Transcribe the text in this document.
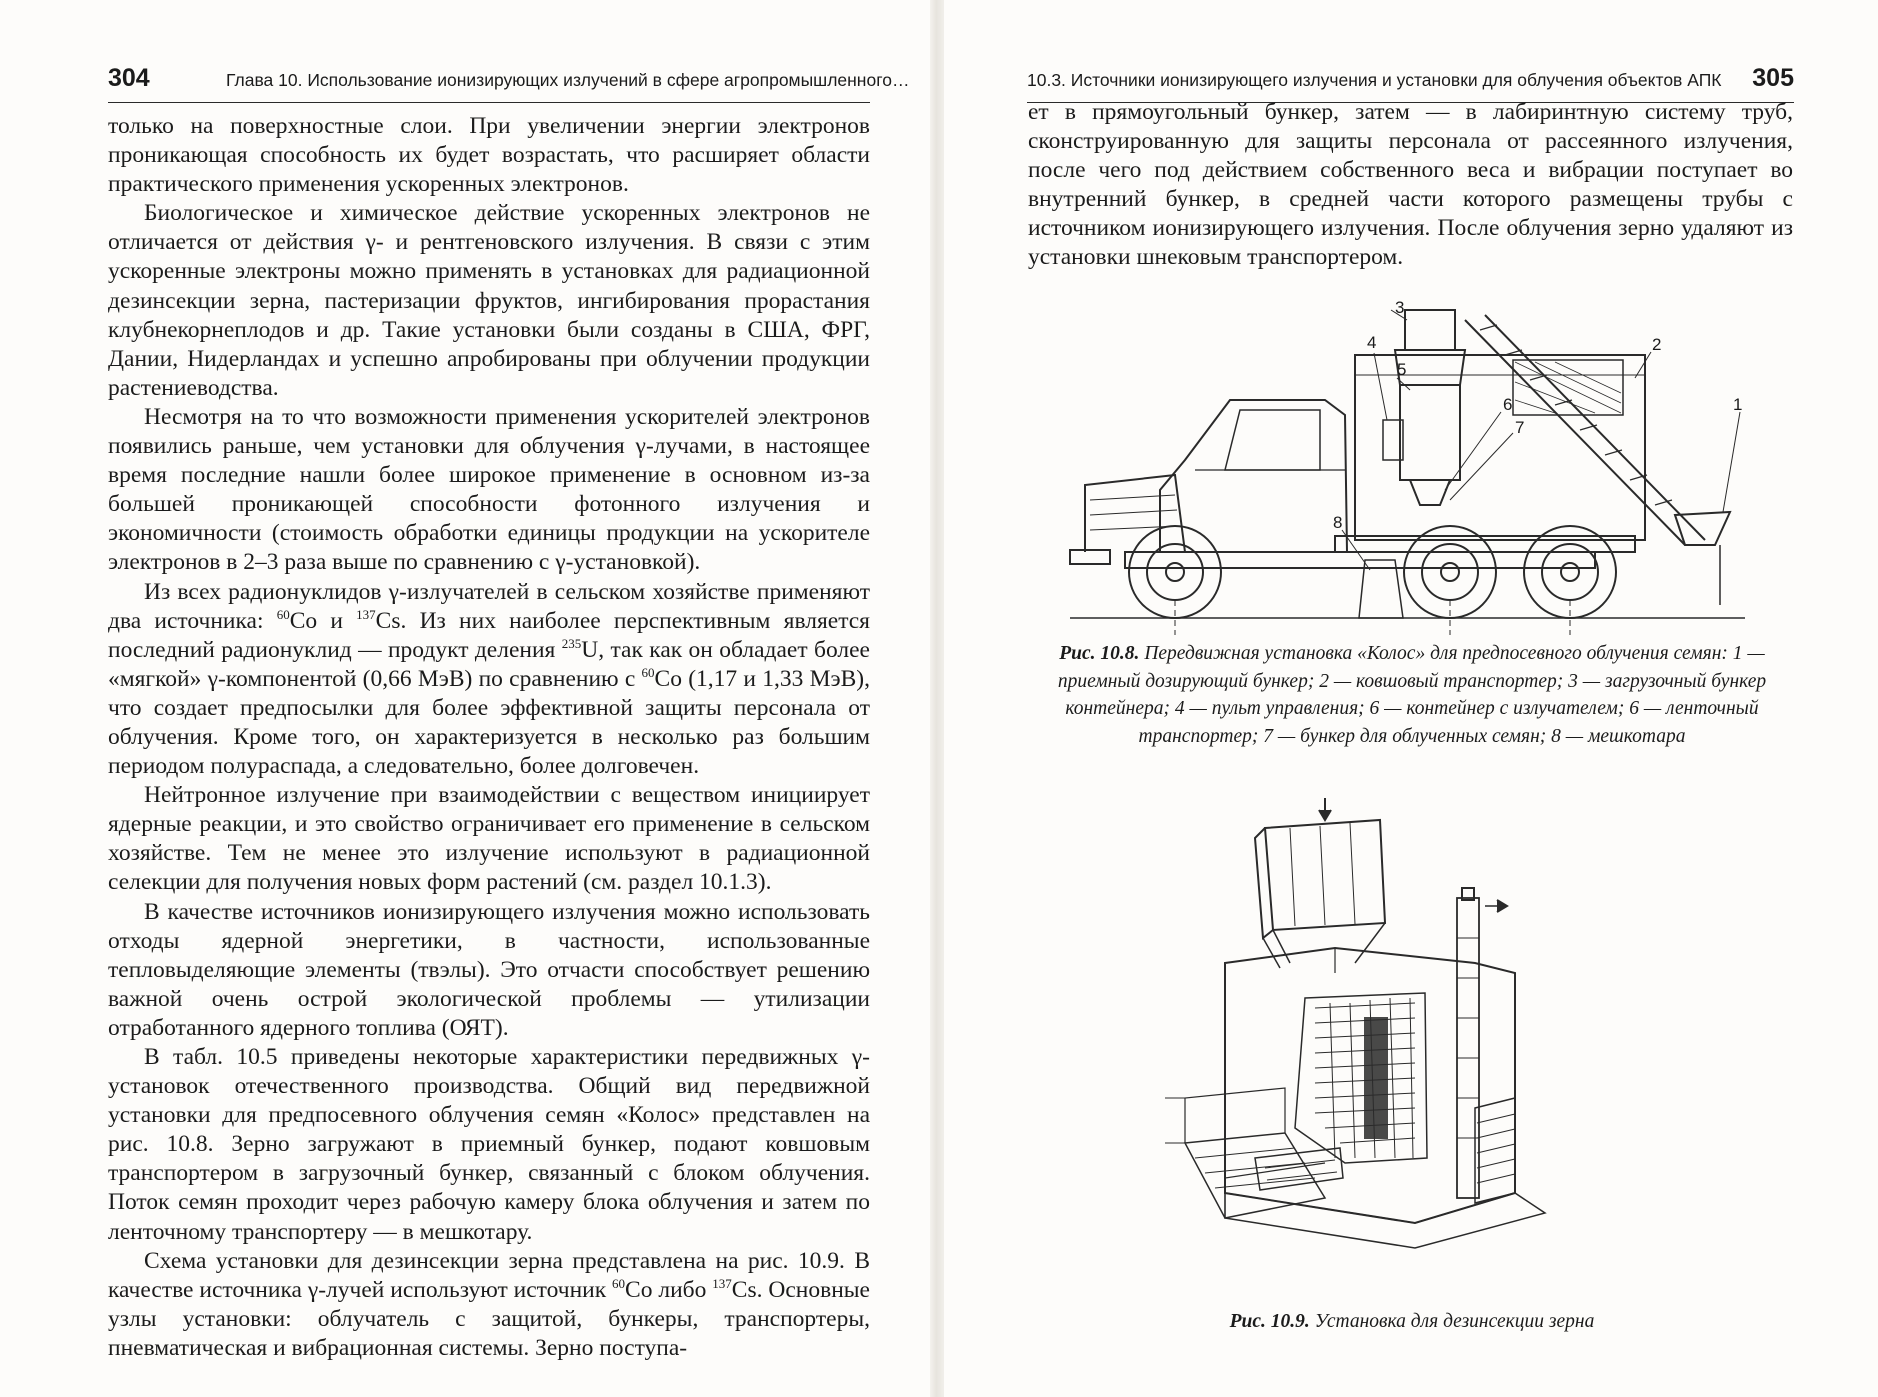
304	Глава 10. Использование ионизирующих излучений в сфере агропромышленного…

только на поверхностные слои. При увеличении энергии электронов проникающая способность их будет возрастать, что расширяет области практического применения ускоренных электронов.

Биологическое и химическое действие ускоренных электронов не отличается от действия γ- и рентгеновского излучения. В связи с этим ускоренные электроны можно применять в установках для радиационной дезинсекции зерна, пастеризации фруктов, ингибирования прорастания клубнекорнеплодов и др. Такие установки были созданы в США, ФРГ, Дании, Нидерландах и успешно апробированы при облучении продукции растениеводства.

Несмотря на то что возможности применения ускорителей электронов появились раньше, чем установки для облучения γ-лучами, в настоящее время последние нашли более широкое применение в основном из-за большей проникающей способности фотонного излучения и экономичности (стоимость обработки единицы продукции на ускорителе электронов в 2–3 раза выше по сравнению с γ-установкой).

Из всех радионуклидов γ-излучателей в сельском хозяйстве применяют два источника: $^{60}$Co и $^{137}$Cs. Из них наиболее перспективным является последний радионуклид — продукт деления $^{235}$U, так как он обладает более «мягкой» γ-компонентой (0,66 МэВ) по сравнению с $^{60}$Co (1,17 и 1,33 МэВ), что создает предпосылки для более эффективной защиты персонала от облучения. Кроме того, он характеризуется в несколько раз большим периодом полураспада, а следовательно, более долговечен.

Нейтронное излучение при взаимодействии с веществом инициирует ядерные реакции, и это свойство ограничивает его применение в сельском хозяйстве. Тем не менее это излучение используют в радиационной селекции для получения новых форм растений (см. раздел 10.1.3).

В качестве источников ионизирующего излучения можно использовать отходы ядерной энергетики, в частности, использованные тепловыделяющие элементы (твэлы). Это отчасти способствует решению важной очень острой экологической проблемы — утилизации отработанного ядерного топлива (ОЯТ).

В табл. 10.5 приведены некоторые характеристики передвижных γ-установок отечественного производства. Общий вид передвижной установки для предпосевного облучения семян «Колос» представлен на рис. 10.8. Зерно загружают в приемный бункер, подают ковшовым транспортером в загрузочный бункер, связанный с блоком облучения. Поток семян проходит через рабочую камеру блока облучения и затем по ленточному транспортеру — в мешкотару.

Схема установки для дезинсекции зерна представлена на рис. 10.9. В качестве источника γ-лучей используют источник $^{60}$Co либо $^{137}$Cs. Основные узлы установки: облучатель с защитой, бункеры, транспортеры, пневматическая и вибрационная системы. Зерно поступа-

10.3. Источники ионизирующего излучения и установки для облучения объектов АПК 305

ет в прямоугольный бункер, затем — в лабиринтную систему труб, сконструированную для защиты персонала от рассеянного излучения, после чего под действием собственного веса и вибрации поступает во внутренний бункер, в средней части которого размещены трубы с источником ионизирующего излучения. После облучения зерно удаляют из установки шнековым транспортером.

1
2
3
4
5
6
7
8
Рис. 10.8. Передвижная установка «Колос» для предпосевного облучения семян: 1 — приемный дозирующий бункер; 2 — ковшовый транспортер; 3 — загрузочный бункер контейнера; 4 — пульт управления; 6 — контейнер с излучателем; 6 — ленточный транспортер; 7 — бункер для облученных семян; 8 — мешкотара
Рис. 10.9. Установка для дезинсекции зерна
